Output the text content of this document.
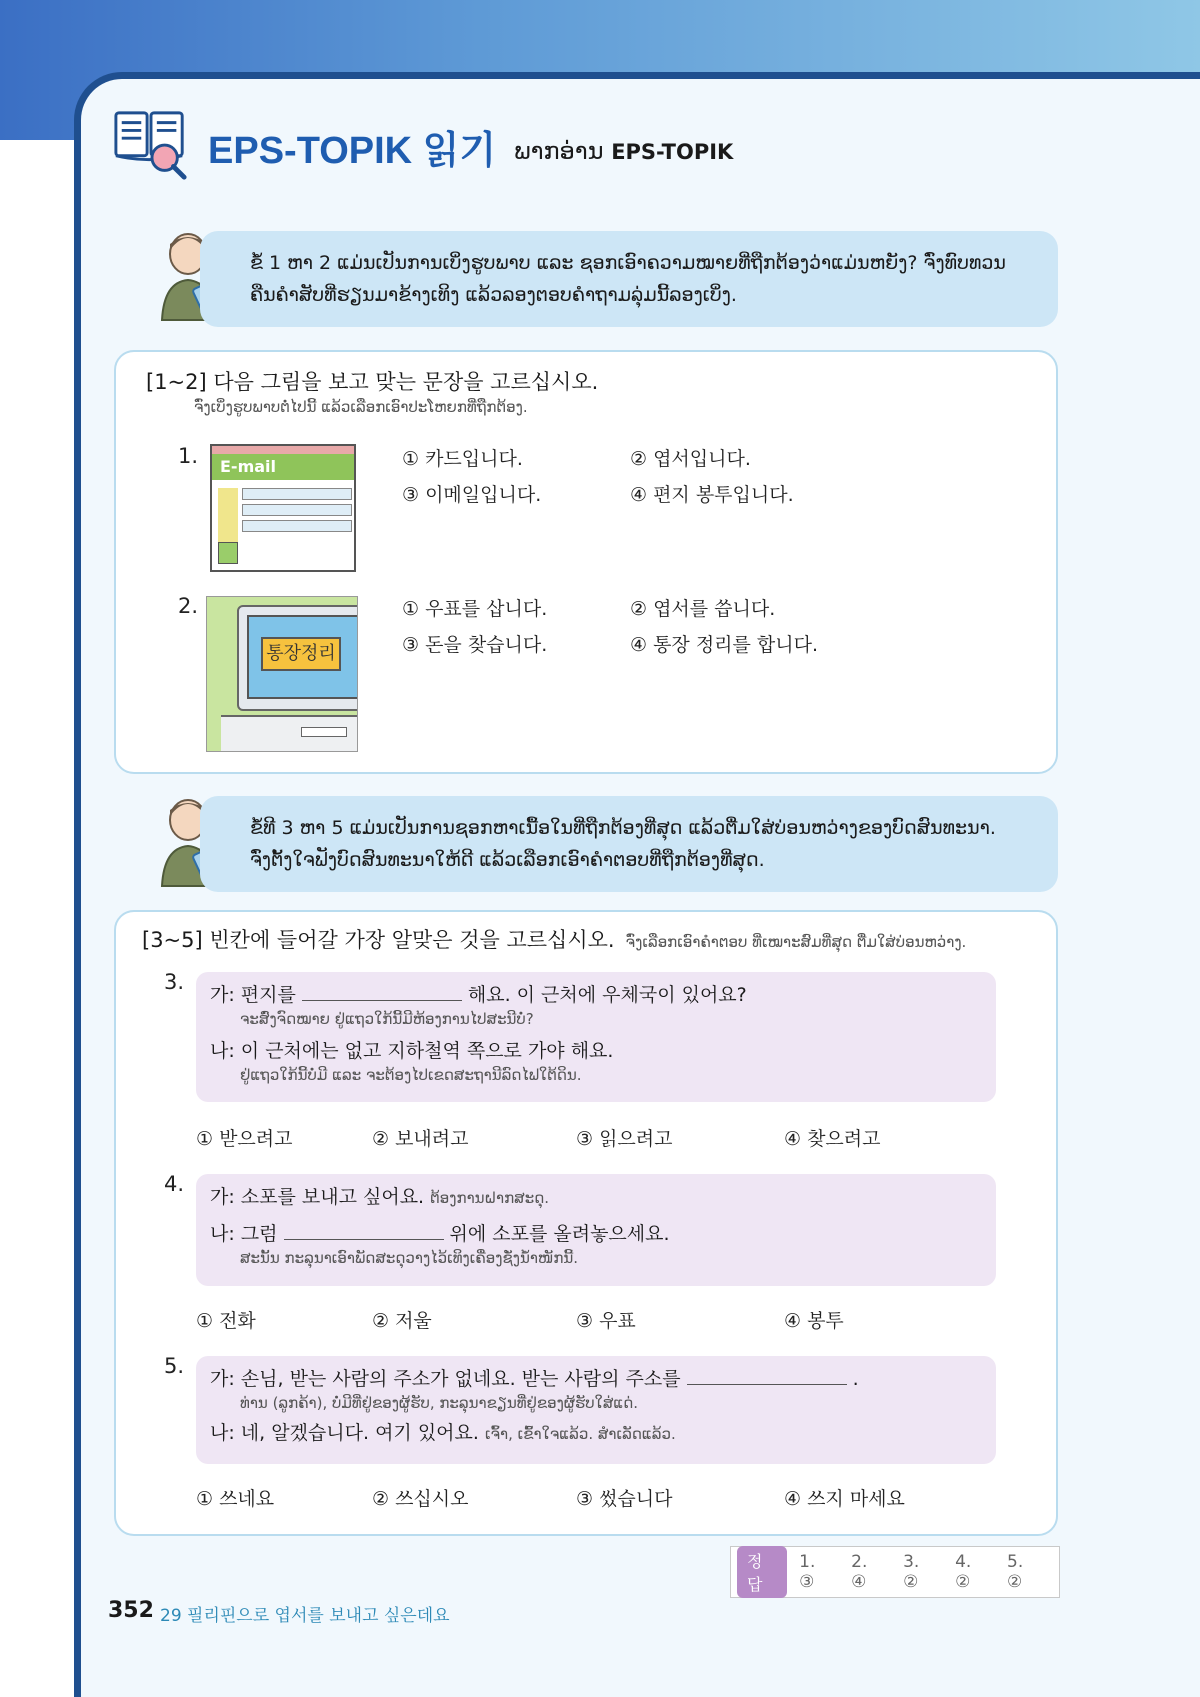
EPS-TOPIK 읽기 ພາກອ່ານ EPS-TOPIK
ຂໍ້ 1 ຫາ 2 ແມ່ນເປັນການເບິ່ງຮູບພາບ ແລະ ຊອກເອົາຄວາມໝາຍທີ່ຖືກຕ້ອງວ່າແມ່ນຫຍັງ? ຈົ່ງທົບທວນ
ຄືນຄຳສັບທີ່ຮຽນມາຂ້າງເທິງ ແລ້ວລອງຕອບຄຳຖາມລຸ່ມນີ້ລອງເບິ່ງ.
[1~2] 다음 그림을 보고 맞는 문장을 고르십시오.
ຈົ່ງເບິ່ງຮູບພາບຕໍ່ໄປນີ້ ແລ້ວເລືອກເອົາປະໂຫຍກທີ່ຖືກຕ້ອງ.
1.	E-mail	① 카드입니다.	② 엽서입니다.
③ 이메일입니다.	④ 편지 봉투입니다.
2.
통장정리
① 우표를 삽니다.	② 엽서를 씁니다.
③ 돈을 찾습니다.	④ 통장 정리를 합니다.
ຂໍ້ທີ 3 ຫາ 5 ແມ່ນເປັນການຊອກຫາເນື້ອໃນທີ່ຖືກຕ້ອງທີ່ສຸດ ແລ້ວຕື່ມໃສ່ບ່ອນຫວ່າງຂອງບົດສົນທະນາ.
ຈົ່ງຕັ້ງໃຈຟັງບົດສົນທະນາໃຫ້ດີ ແລ້ວເລືອກເອົາຄຳຕອບທີ່ຖືກຕ້ອງທີ່ສຸດ.
[3~5] 빈칸에 들어갈 가장 알맞은 것을 고르십시오. ຈົ່ງເລືອກເອົາຄຳຕອບ ທີ່ເໝາະສົມທີ່ສຸດ ຕື່ມໃສ່ບ່ອນຫວ່າງ.
3.
가: 편지를	해요. 이 근처에 우체국이 있어요?
ຈະສົ່ງຈົດໝາຍ ຢູ່ແຖວໃກ້ນີ້ມີຫ້ອງການໄປສະນີບໍ່?
나: 이 근처에는 없고 지하철역 쪽으로 가야 해요.
ຢູ່ແຖວໃກ້ນີ້ບໍ່ມີ ແລະ ຈະຕ້ອງໄປເຂດສະຖານີລົດໄຟໃຕ້ດິນ.
① 받으려고	② 보내려고	③ 읽으려고	④ 찾으려고
4.
가: 소포를 보내고 싶어요. ຕ້ອງການຝາກສະດຸ.
나: 그럼	위에 소포를 올려놓으세요.
ສະນັ້ນ ກະລຸນາເອົາພັດສະດຸວາງໄວ້ເທິງເຄື່ອງຊັ່ງນ້ຳໜັກນີ້.
① 전화	② 저울	③ 우표	④ 봉투
5.
가: 손님, 받는 사람의 주소가 없네요. 받는 사람의 주소를	.
ທ່ານ (ລູກຄ້າ), ບໍ່ມີທີ່ຢູ່ຂອງຜູ້ຮັບ, ກະລຸນາຂຽນທີ່ຢູ່ຂອງຜູ້ຮັບໃສ່ແດ່.
나: 네, 알겠습니다. 여기 있어요. ເຈົ້າ, ເຂົ້າໃຈແລ້ວ. ສຳເລັດແລ້ວ.
① 쓰네요	② 쓰십시오	③ 썼습니다	④ 쓰지 마세요
정답
1. ③
2. ④
3. ②
4. ②
5. ②
352 29 필리핀으로 엽서를 보내고 싶은데요
